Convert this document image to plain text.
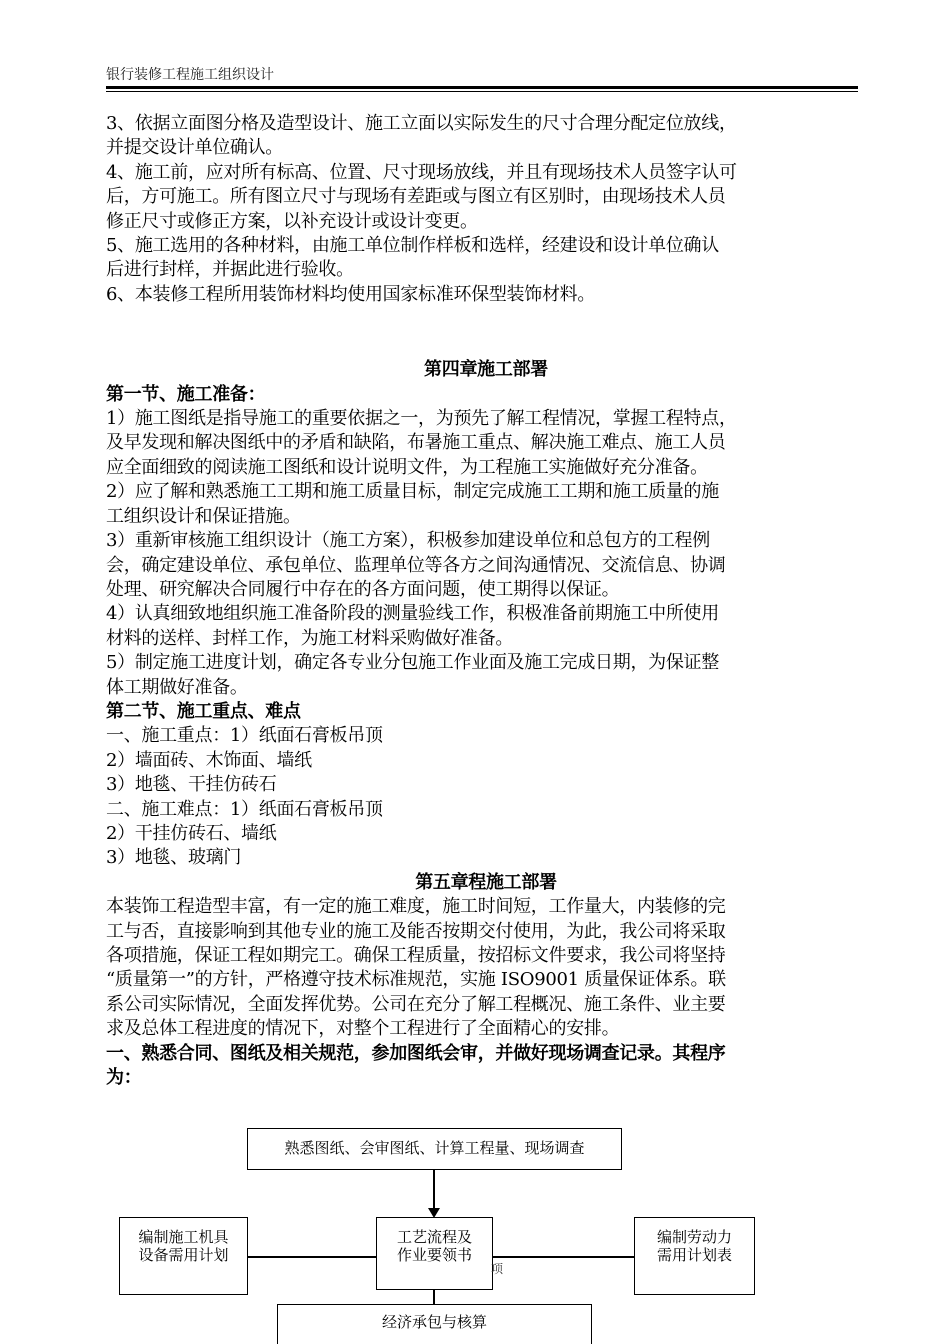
银行装修工程施工组织设计

3、依据立面图分格及造型设计、施工立面以实际发生的尺寸合理分配定位放线，

并提交设计单位确认。

4、施工前，应对所有标高、位置、尺寸现场放线，并且有现场技术人员签字认可

后，方可施工。所有图立尺寸与现场有差距或与图立有区别时，由现场技术人员

修正尺寸或修正方案，以补充设计或设计变更。

5、施工选用的各种材料，由施工单位制作样板和选样，经建设和设计单位确认

后进行封样，并据此进行验收。

6、本装修工程所用装饰材料均使用国家标准环保型装饰材料。

第四章施工部署

第一节、施工准备：

1）施工图纸是指导施工的重要依据之一，为预先了解工程情况，掌握工程特点，

及早发现和解决图纸中的矛盾和缺陷，布暑施工重点、解决施工难点、施工人员

应全面细致的阅读施工图纸和设计说明文件，为工程施工实施做好充分准备。

2）应了解和熟悉施工工期和施工质量目标，制定完成施工工期和施工质量的施

工组织设计和保证措施。

3）重新审核施工组织设计（施工方案），积极参加建设单位和总包方的工程例

会，确定建设单位、承包单位、监理单位等各方之间沟通情况、交流信息、协调

处理、研究解决合同履行中存在的各方面问题，使工期得以保证。

4）认真细致地组织施工准备阶段的测量验线工作，积极准备前期施工中所使用

材料的送样、封样工作，为施工材料采购做好准备。

5）制定施工进度计划，确定各专业分包施工作业面及施工完成日期，为保证整

体工期做好准备。

第二节、施工重点、难点

一、施工重点：1）纸面石膏板吊顶

2）墙面砖、木饰面、墙纸

3）地毯、干挂仿砖石

二、施工难点：1）纸面石膏板吊顶

2）干挂仿砖石、墙纸

3）地毯、玻璃门

第五章程施工部署

本装饰工程造型丰富，有一定的施工难度，施工时间短，工作量大，内装修的完

工与否，直接影响到其他专业的施工及能否按期交付使用，为此，我公司将采取

各项措施，保证工程如期完工。确保工程质量，按招标文件要求，我公司将坚持

“质量第一”的方针，严格遵守技术标准规范，实施 ISO9001 质量保证体系。联

系公司实际情况，全面发挥优势。公司在充分了解工程概况、施工条件、业主要

求及总体工程进度的情况下，对整个工程进行了全面精心的安排。

一、熟悉合同、图纸及相关规范，参加图纸会审，并做好现场调查记录。其程序

为：

熟悉图纸、会审图纸、计算工程量、现场调查
编制施工机具
设备需用计划
工艺流程及
作业要领书
编制劳动力
需用计划表
项
经济承包与核算
